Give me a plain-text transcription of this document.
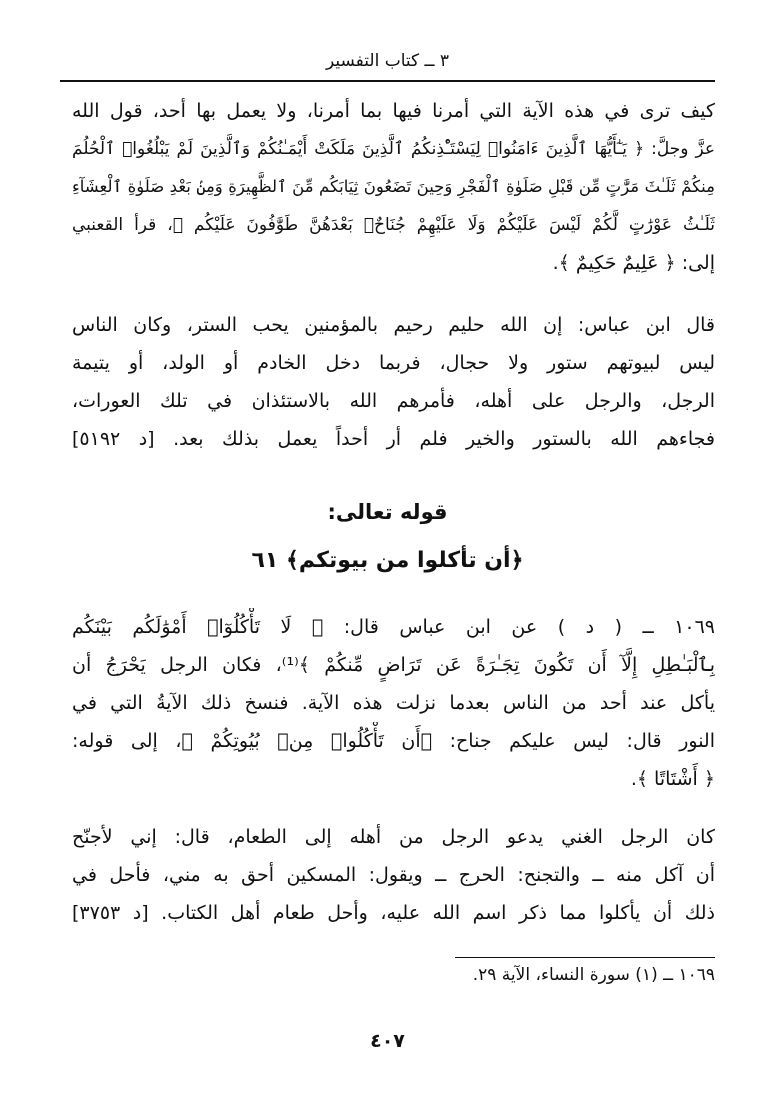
٣ ــ كتاب التفسير
كيف ترى في هذه الآية التي أمرنا فيها بما أمرنا، ولا يعمل بها أحد، قول الله
عزَّ وجلَّ: ﴿ يَـٰٓأَيُّهَا ٱلَّذِينَ ءَامَنُوا۟ لِيَسْتَـْٔذِنكُمُ ٱلَّذِينَ مَلَكَتْ أَيْمَـٰنُكُمْ وَٱلَّذِينَ لَمْ يَبْلُغُوا۟ ٱلْحُلُمَ
مِنكُمْ ثَلَـٰثَ مَرَّٰتٍ مِّن قَبْلِ صَلَوٰةِ ٱلْفَجْرِ وَحِينَ تَضَعُونَ ثِيَابَكُم مِّنَ ٱلظَّهِيرَةِ وَمِنۢ بَعْدِ صَلَوٰةِ ٱلْعِشَآءِ
ثَلَـٰثُ عَوْرَٰتٍ لَّكُمْ لَيْسَ عَلَيْكُمْ وَلَا عَلَيْهِمْ جُنَاحٌۢ بَعْدَهُنَّ طَوَّٰفُونَ عَلَيْكُم ﴾، قرأ القعنبي
إلى: ﴿ عَلِيمٌ حَكِيمٌ ﴾.
قال ابن عباس: إن الله حليم رحيم بالمؤمنين يحب الستر، وكان الناس
ليس لبيوتهم ستور ولا حجال، فربما دخل الخادم أو الولد، أو يتيمة
الرجل، والرجل على أهله، فأمرهم الله بالاستئذان في تلك العورات،
فجاءهم الله بالستور والخير فلم أر أحداً يعمل بذلك بعد. [د ٥١٩٢]
قوله تعالى:
﴿أن تأكلوا من بيوتكم﴾ ٦١
١٠٦٩ ــ ( د ) عن ابن عباس قال: ﴿ لَا تَأْكُلُوٓا۟ أَمْوَٰلَكُم بَيْنَكُم
بِٱلْبَـٰطِلِ إِلَّآ أَن تَكُونَ تِجَـٰرَةً عَن تَرَاضٍ مِّنكُمْ ﴾⁽¹⁾، فكان الرجل يَحْرَجُ أن
يأكل عند أحد من الناس بعدما نزلت هذه الآية. فنسخ ذلك الآيةُ التي في
النور قال: ليس عليكم جناح: ﴿أَن تَأْكُلُوا۟ مِنۢ بُيُوتِكُمْ ﴾، إلى قوله:
﴿ أَشْتَاتًا ﴾.
كان الرجل الغني يدعو الرجل من أهله إلى الطعام، قال: إني لأجنّح
أن آكل منه ــ والتجنح: الحرج ــ ويقول: المسكين أحق به مني، فأحل في
ذلك أن يأكلوا مما ذكر اسم الله عليه، وأحل طعام أهل الكتاب. [د ٣٧٥٣]
١٠٦٩ ــ (١) سورة النساء، الآية ٢٩.
٤٠٧
